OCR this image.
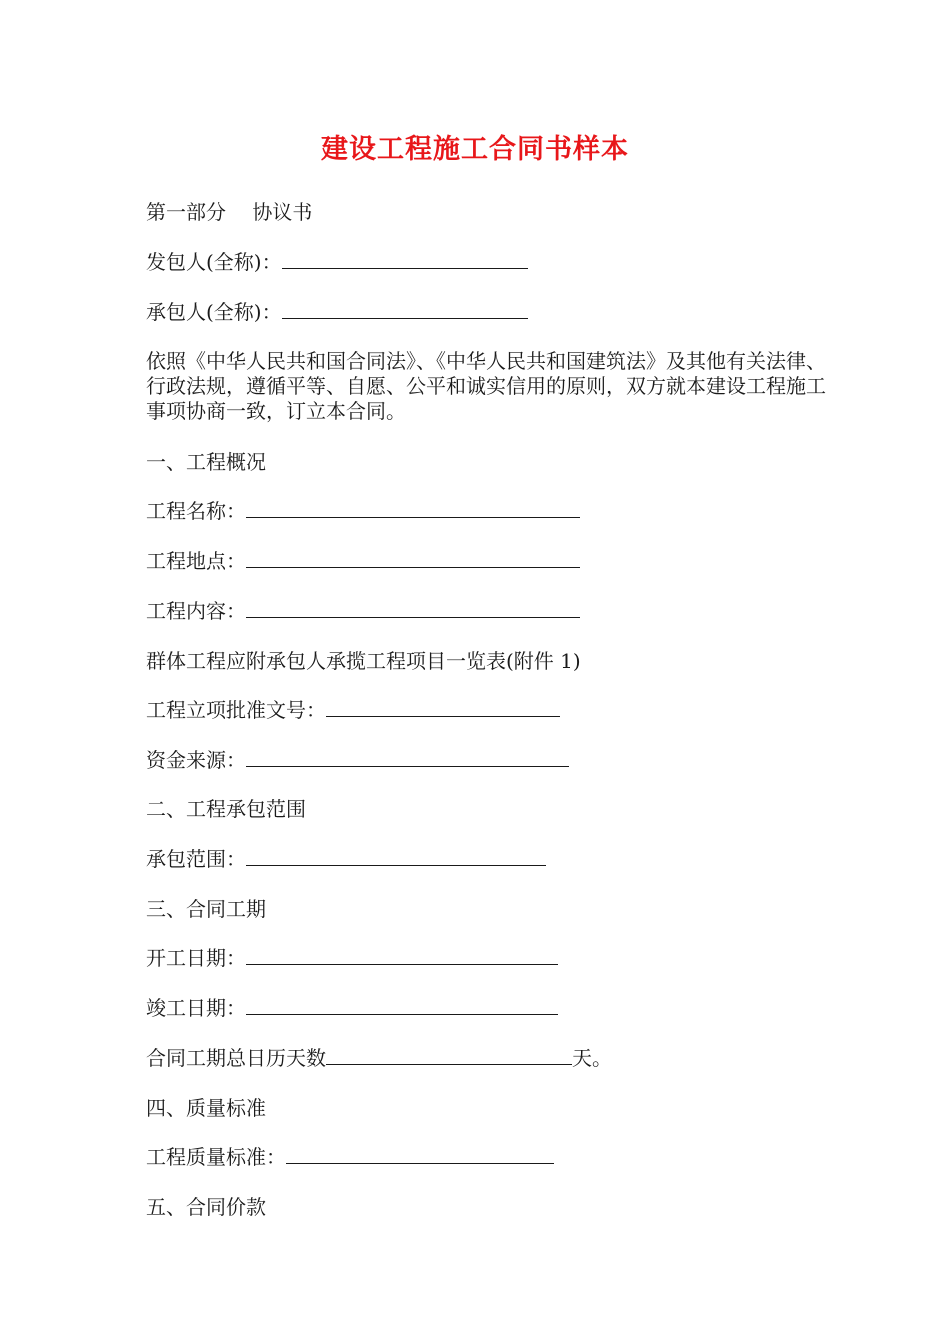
建设工程施工合同书样本
第一部分　 协议书
发包人(全称)：
承包人(全称)：
依照《中华人民共和国合同法》、《中华人民共和国建筑法》及其他有关法律、行政法规，遵循平等、自愿、公平和诚实信用的原则，双方就本建设工程施工事项协商一致，订立本合同。
一、工程概况
工程名称：
工程地点：
工程内容：
群体工程应附承包人承揽工程项目一览表(附件 1)
工程立项批准文号：
资金来源：
二、工程承包范围
承包范围：
三、合同工期
开工日期：
竣工日期：
合同工期总日历天数	天。
四、质量标准
工程质量标准：
五、合同价款
